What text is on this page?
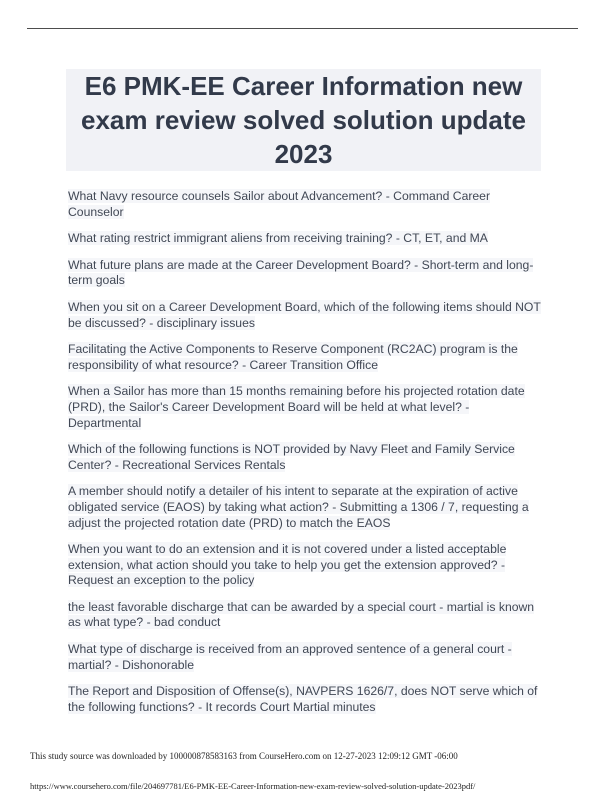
E6 PMK-EE Career Information new exam review solved solution update 2023

What Navy resource counsels Sailor about Advancement? - Command Career Counselor

What rating restrict immigrant aliens from receiving training? - CT, ET, and MA

What future plans are made at the Career Development Board? - Short-term and long-term goals

When you sit on a Career Development Board, which of the following items should NOT be discussed? - disciplinary issues

Facilitating the Active Components to Reserve Component (RC2AC) program is the responsibility of what resource? - Career Transition Office

When a Sailor has more than 15 months remaining before his projected rotation date (PRD), the Sailor's Career Development Board will be held at what level? - Departmental

Which of the following functions is NOT provided by Navy Fleet and Family Service Center? - Recreational Services Rentals

A member should notify a detailer of his intent to separate at the expiration of active obligated service (EAOS) by taking what action? - Submitting a 1306 / 7, requesting a adjust the projected rotation date (PRD) to match the EAOS

When you want to do an extension and it is not covered under a listed acceptable extension, what action should you take to help you get the extension approved? - Request an exception to the policy

the least favorable discharge that can be awarded by a special court - martial is known as what type? - bad conduct

What type of discharge is received from an approved sentence of a general court - martial? - Dishonorable

The Report and Disposition of Offense(s), NAVPERS 1626/7, does NOT serve which of the following functions? - It records Court Martial minutes

This study source was downloaded by 100000878583163 from CourseHero.com on 12-27-2023 12:09:12 GMT -06:00
https://www.coursehero.com/file/204697781/E6-PMK-EE-Career-Information-new-exam-review-solved-solution-update-2023pdf/
